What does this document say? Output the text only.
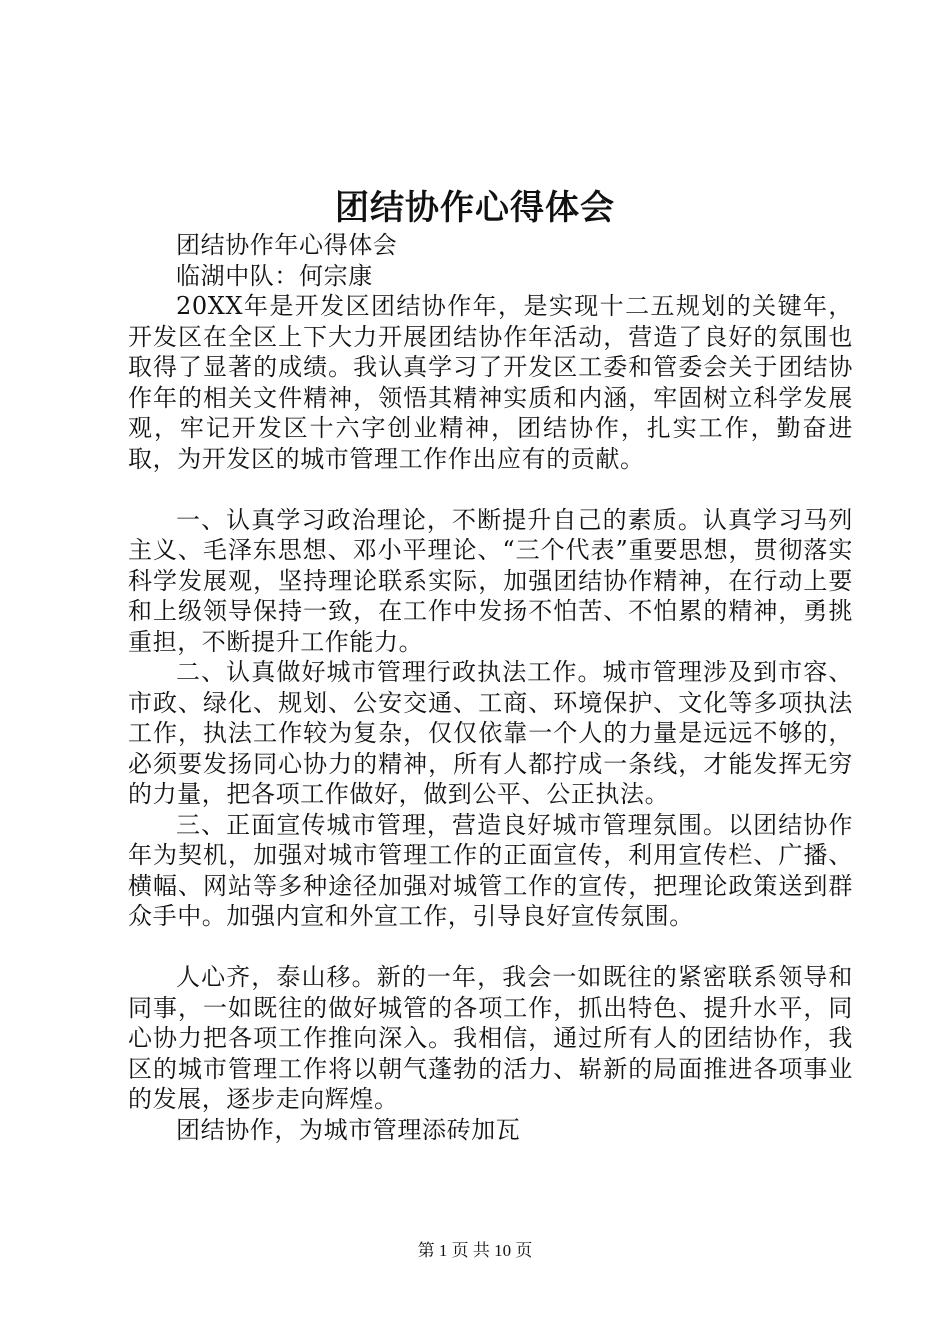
团结协作心得体会

团结协作年心得体会

临湖中队：何宗康

20XX年是开发区团结协作年，是实现十二五规划的关键年，开发区在全区上下大力开展团结协作年活动，营造了良好的氛围也取得了显著的成绩。我认真学习了开发区工委和管委会关于团结协作年的相关文件精神，领悟其精神实质和内涵，牢固树立科学发展观，牢记开发区十六字创业精神，团结协作，扎实工作，勤奋进取，为开发区的城市管理工作作出应有的贡献。

一、认真学习政治理论，不断提升自己的素质。认真学习马列主义、毛泽东思想、邓小平理论、“三个代表”重要思想，贯彻落实科学发展观，坚持理论联系实际，加强团结协作精神，在行动上要和上级领导保持一致，在工作中发扬不怕苦、不怕累的精神，勇挑重担，不断提升工作能力。

二、认真做好城市管理行政执法工作。城市管理涉及到市容、市政、绿化、规划、公安交通、工商、环境保护、文化等多项执法工作，执法工作较为复杂，仅仅依靠一个人的力量是远远不够的，必须要发扬同心协力的精神，所有人都拧成一条线，才能发挥无穷的力量，把各项工作做好，做到公平、公正执法。

三、正面宣传城市管理，营造良好城市管理氛围。以团结协作年为契机，加强对城市管理工作的正面宣传，利用宣传栏、广播、横幅、网站等多种途径加强对城管工作的宣传，把理论政策送到群众手中。加强内宣和外宣工作，引导良好宣传氛围。

人心齐，泰山移。新的一年，我会一如既往的紧密联系领导和同事，一如既往的做好城管的各项工作，抓出特色、提升水平，同心协力把各项工作推向深入。我相信，通过所有人的团结协作，我区的城市管理工作将以朝气蓬勃的活力、崭新的局面推进各项事业的发展，逐步走向辉煌。

团结协作，为城市管理添砖加瓦

第 1 页 共 10 页
